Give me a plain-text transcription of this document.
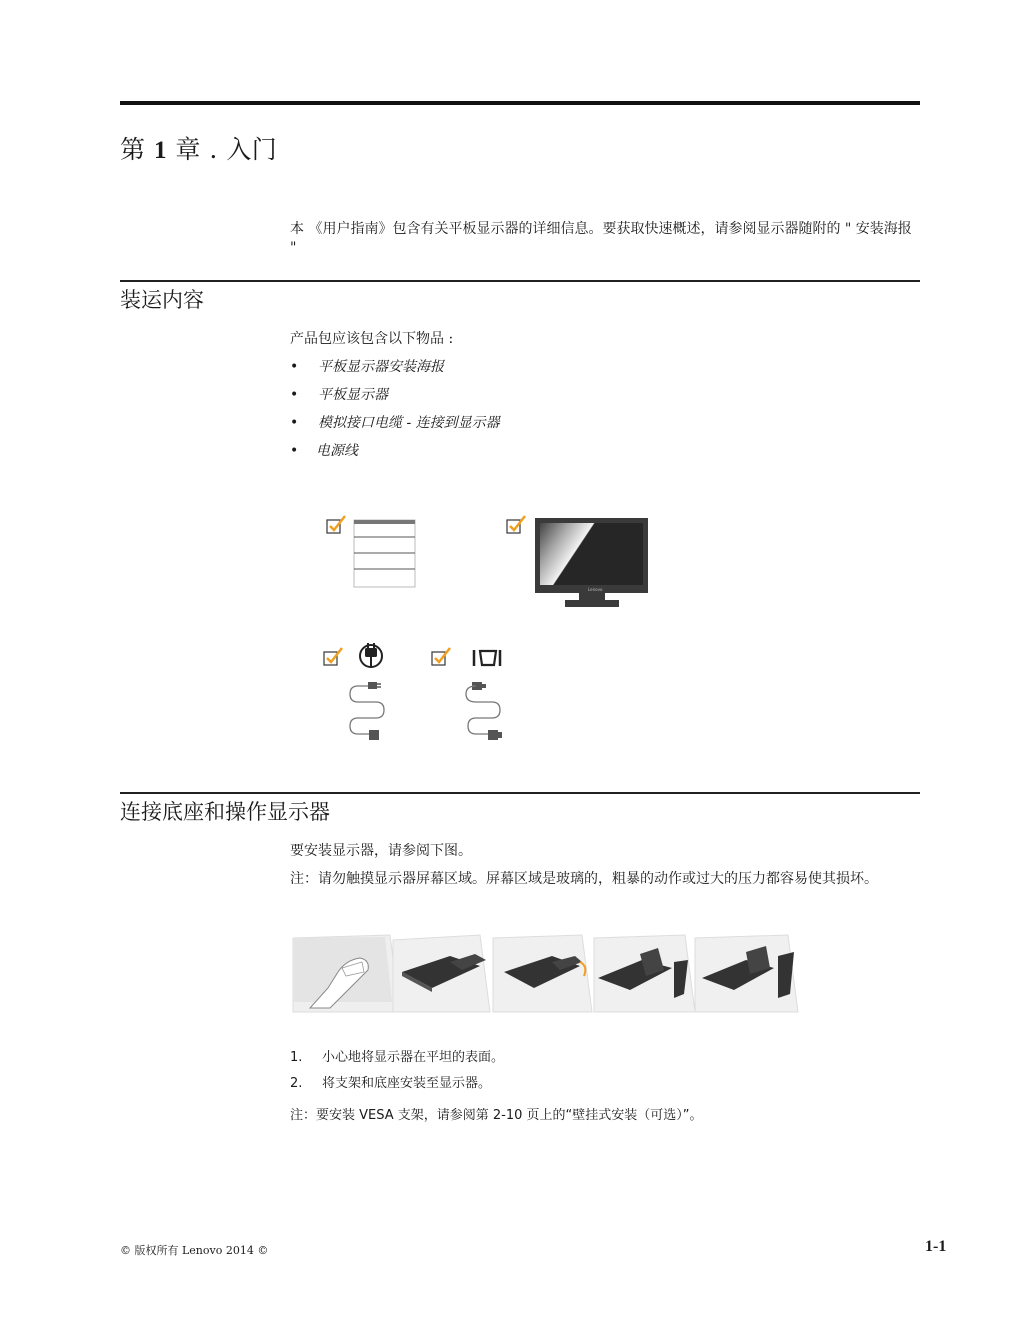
第 1 章 . 入门
本 《用户指南》包含有关平板显示器的详细信息。要获取快速概述，请参阅显示器随附的 " 安装海报 "
装运内容
产品包应该包含以下物品 :
• 平板显示器安装海报
• 平板显示器
• 模拟接口电缆 - 连接到显示器
• 电源线
Lenovo
连接底座和操作显示器
要安装显示器，请参阅下图。
注：请勿触摸显示器屏幕区域。屏幕区域是玻璃的，粗暴的动作或过大的压力都容易使其损坏。
1. 小心地将显示器在平坦的表面。
2. 将支架和底座安装至显示器。
注：要安装 VESA 支架，请参阅第 2-10 页上的“壁挂式安装（可选）”。
© 版权所有 Lenovo 2014 ©	1-1
